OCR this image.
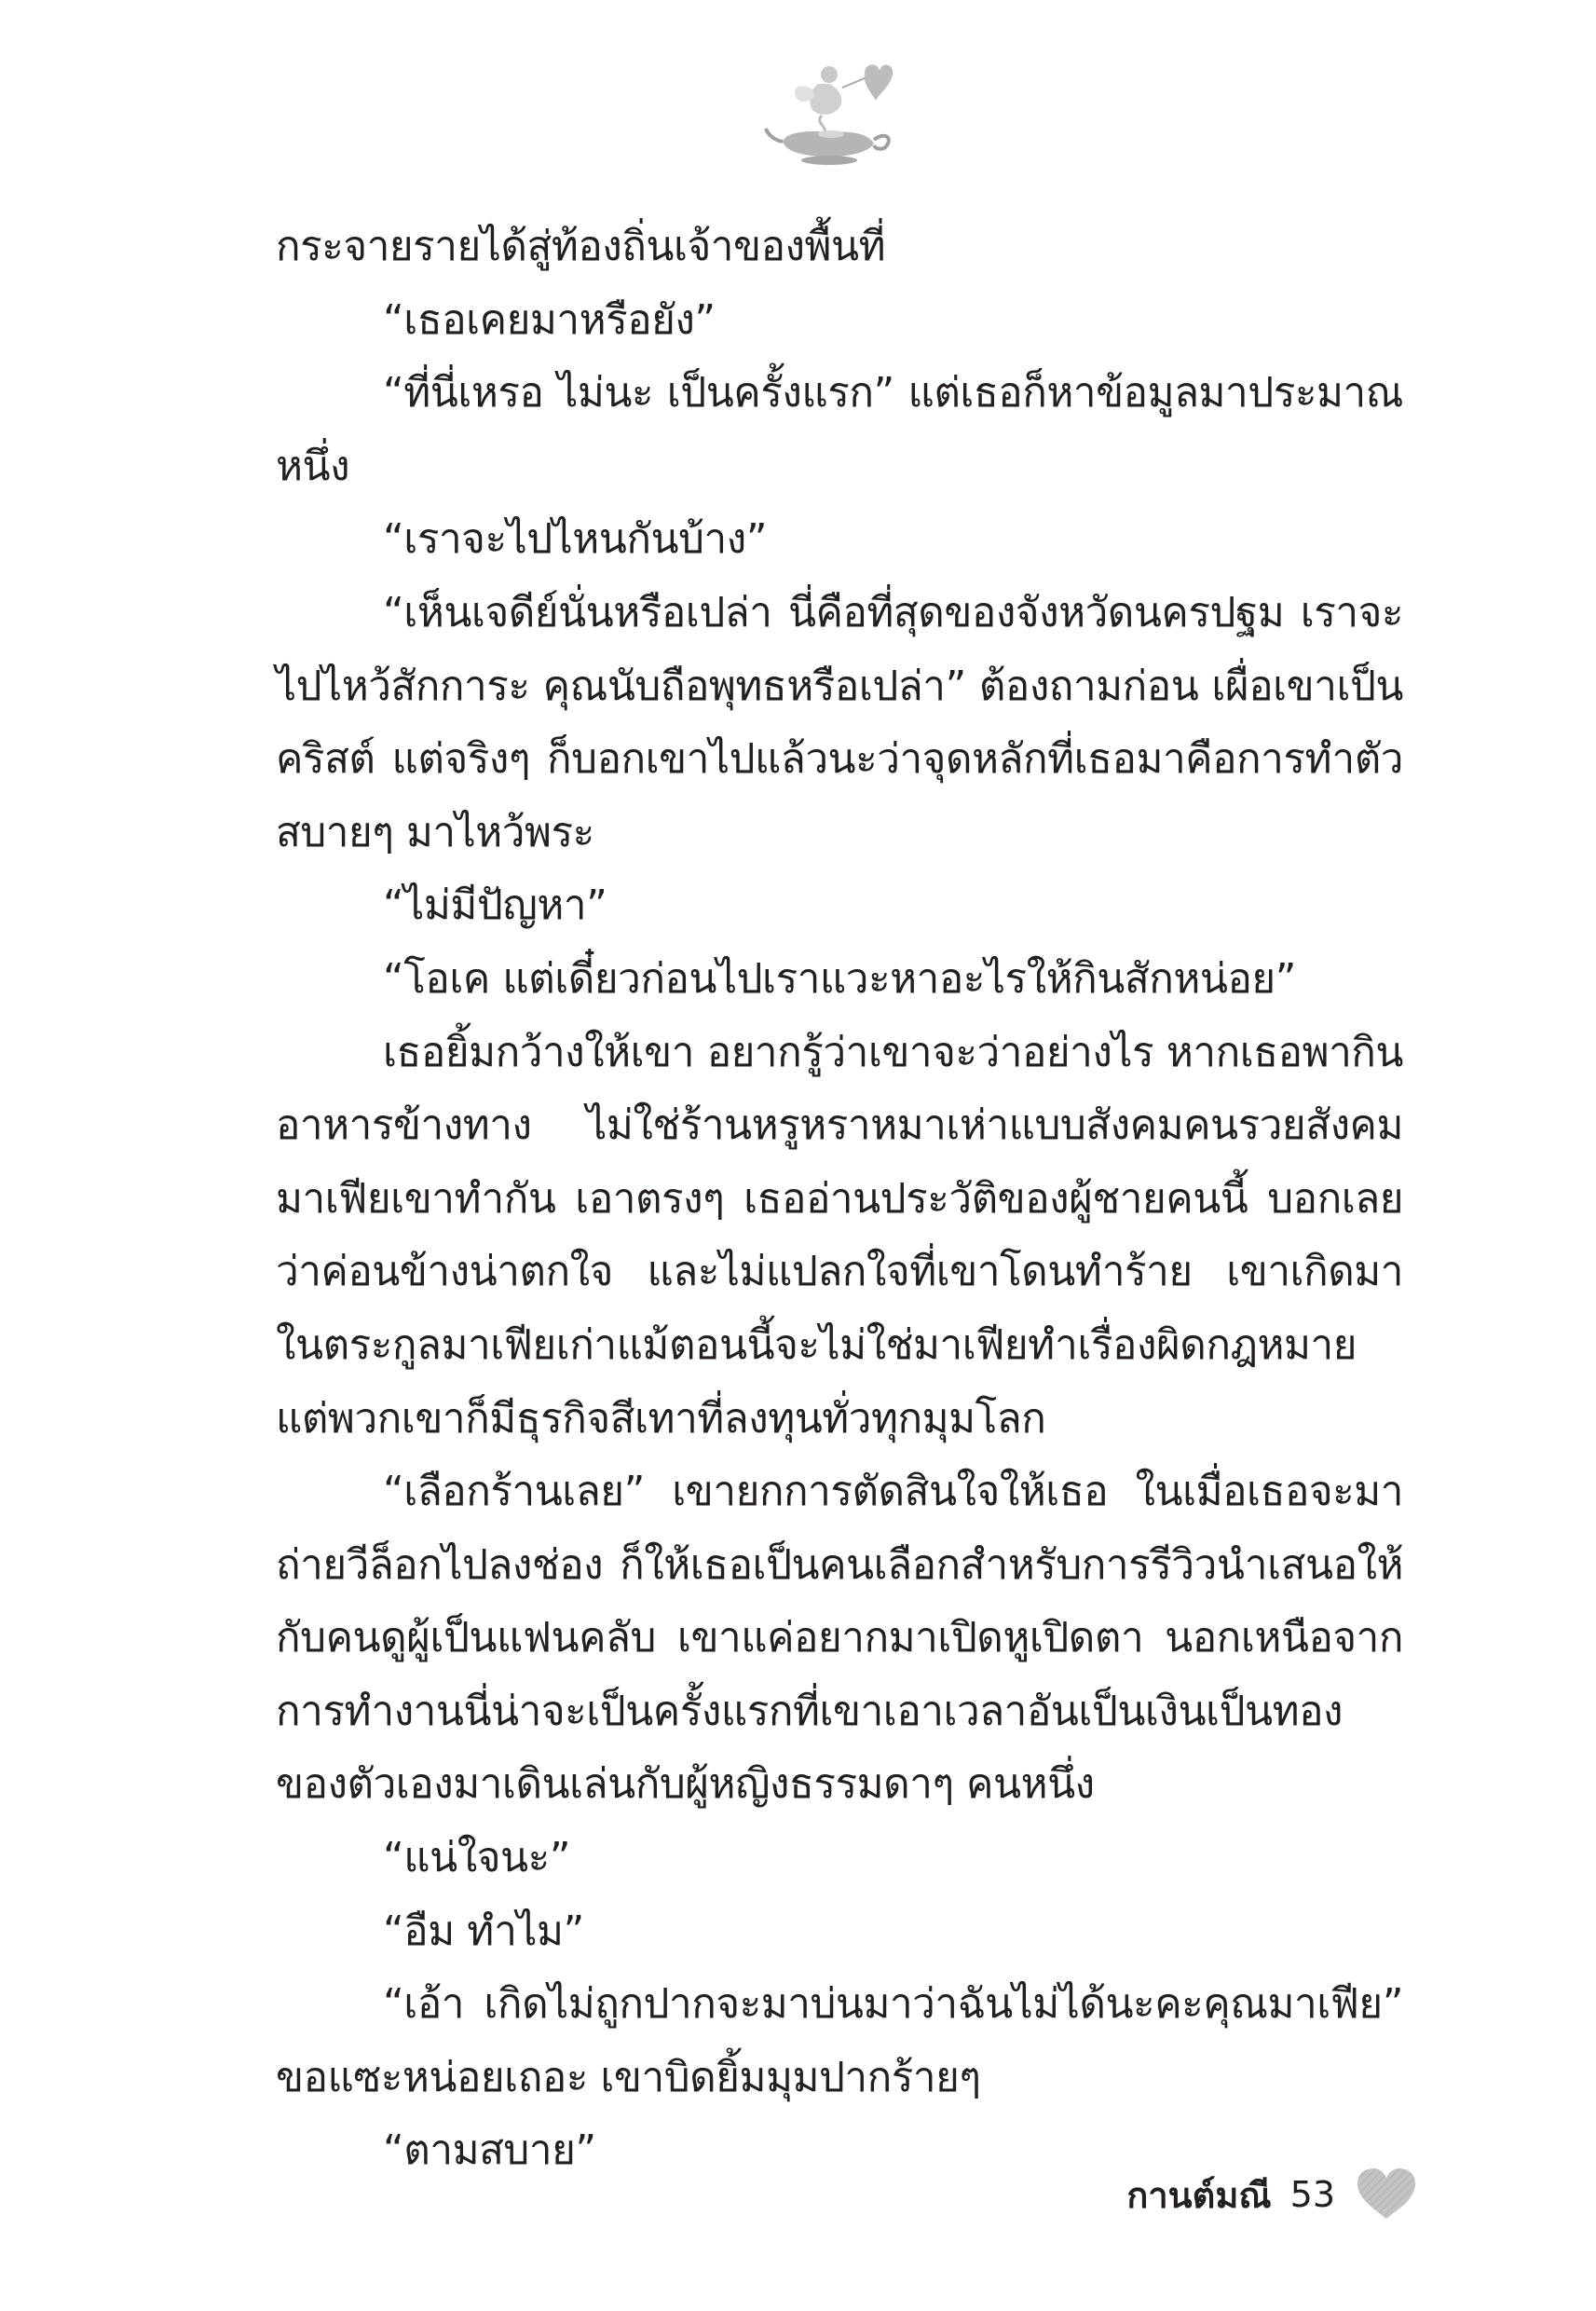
กระจายรายได้สู่ท้องถิ่นเจ้าของพื้นที่

“เธอเคยมาหรือยัง”

“ที่นี่เหรอ ไม่นะ เป็นครั้งแรก” แต่เธอก็หาข้อมูลมาประมาณหนึ่ง

“เราจะไปไหนกันบ้าง”

“เห็นเจดีย์นั่นหรือเปล่า นี่คือที่สุดของจังหวัดนครปฐม เราจะไปไหว้สักการะ คุณนับถือพุทธหรือเปล่า” ต้องถามก่อน เผื่อเขาเป็นคริสต์ แต่จริงๆ ก็บอกเขาไปแล้วนะว่าจุดหลักที่เธอมาคือการทำตัวสบายๆ มาไหว้พระ

“ไม่มีปัญหา”

“โอเค แต่เดี๋ยวก่อนไปเราแวะหาอะไรให้กินสักหน่อย”

เธอยิ้มกว้างให้เขา อยากรู้ว่าเขาจะว่าอย่างไร หากเธอพากินอาหารข้างทาง ไม่ใช่ร้านหรูหราหมาเห่าแบบสังคมคนรวยสังคมมาเฟียเขาทำกัน เอาตรงๆ เธออ่านประวัติของผู้ชายคนนี้ บอกเลยว่าค่อนข้างน่าตกใจ และไม่แปลกใจที่เขาโดนทำร้าย เขาเกิดมาในตระกูลมาเฟียเก่าแม้ตอนนี้จะไม่ใช่มาเฟียทำเรื่องผิดกฎหมาย แต่พวกเขาก็มีธุรกิจสีเทาที่ลงทุนทั่วทุกมุมโลก

“เลือกร้านเลย” เขายกการตัดสินใจให้เธอ ในเมื่อเธอจะมาถ่ายวีล็อกไปลงช่อง ก็ให้เธอเป็นคนเลือกสำหรับการรีวิวนำเสนอให้กับคนดูผู้เป็นแฟนคลับ เขาแค่อยากมาเปิดหูเปิดตา นอกเหนือจากการทำงานนี่น่าจะเป็นครั้งแรกที่เขาเอาเวลาอันเป็นเงินเป็นทองของตัวเองมาเดินเล่นกับผู้หญิงธรรมดาๆ คนหนึ่ง

“แน่ใจนะ”

“อืม ทำไม”

“เอ้า เกิดไม่ถูกปากจะมาบ่นมาว่าฉันไม่ได้นะคะคุณมาเฟีย” ขอแซะหน่อยเถอะ เขาบิดยิ้มมุมปากร้ายๆ

“ตามสบาย”

กานต์มณี 53
